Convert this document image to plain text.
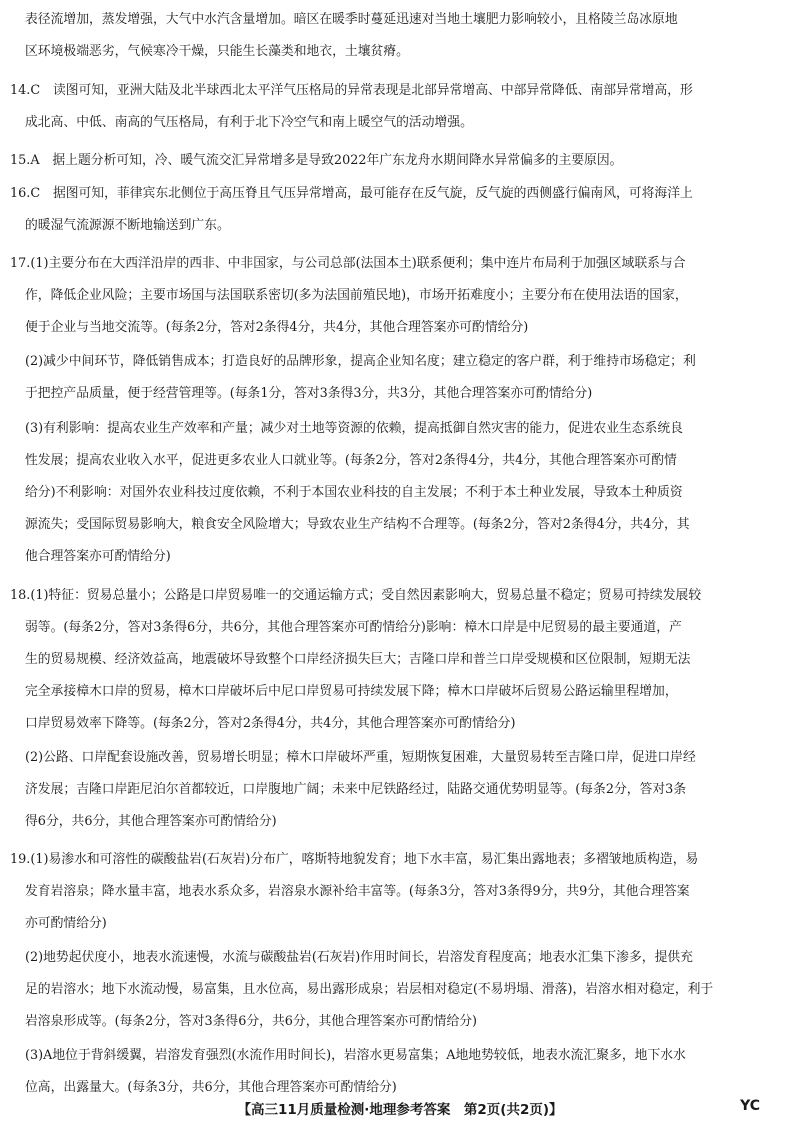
表径流增加，蒸发增强，大气中水汽含量增加。暗区在暖季时蔓延迅速对当地土壤肥力影响较小，且格陵兰岛冰原地
区环境极端恶劣，气候寒冷干燥，只能生长藻类和地衣，土壤贫瘠。
14.C　读图可知，亚洲大陆及北半球西北太平洋气压格局的异常表现是北部异常增高、中部异常降低、南部异常增高，形
成北高、中低、南高的气压格局，有利于北下冷空气和南上暖空气的活动增强。
15.A　据上题分析可知，冷、暖气流交汇异常增多是导致2022年广东龙舟水期间降水异常偏多的主要原因。
16.C　据图可知，菲律宾东北侧位于高压脊且气压异常增高，最可能存在反气旋，反气旋的西侧盛行偏南风，可将海洋上
的暖湿气流源源不断地输送到广东。
17.(1)主要分布在大西洋沿岸的西非、中非国家，与公司总部(法国本土)联系便利；集中连片布局利于加强区域联系与合
作，降低企业风险；主要市场国与法国联系密切(多为法国前殖民地)，市场开拓难度小；主要分布在使用法语的国家，
便于企业与当地交流等。(每条2分，答对2条得4分，共4分，其他合理答案亦可酌情给分)
(2)减少中间环节，降低销售成本；打造良好的品牌形象，提高企业知名度；建立稳定的客户群，利于维持市场稳定；利
于把控产品质量，便于经营管理等。(每条1分，答对3条得3分，共3分，其他合理答案亦可酌情给分)
(3)有利影响：提高农业生产效率和产量；减少对土地等资源的依赖，提高抵御自然灾害的能力，促进农业生态系统良
性发展；提高农业收入水平，促进更多农业人口就业等。(每条2分，答对2条得4分，共4分，其他合理答案亦可酌情
给分)不利影响：对国外农业科技过度依赖，不利于本国农业科技的自主发展；不利于本土种业发展，导致本土种质资
源流失；受国际贸易影响大，粮食安全风险增大；导致农业生产结构不合理等。(每条2分，答对2条得4分，共4分，其
他合理答案亦可酌情给分)
18.(1)特征：贸易总量小；公路是口岸贸易唯一的交通运输方式；受自然因素影响大，贸易总量不稳定；贸易可持续发展较
弱等。(每条2分，答对3条得6分，共6分，其他合理答案亦可酌情给分)影响：樟木口岸是中尼贸易的最主要通道，产
生的贸易规模、经济效益高，地震破坏导致整个口岸经济损失巨大；吉隆口岸和普兰口岸受规模和区位限制，短期无法
完全承接樟木口岸的贸易，樟木口岸破坏后中尼口岸贸易可持续发展下降；樟木口岸破坏后贸易公路运输里程增加，
口岸贸易效率下降等。(每条2分，答对2条得4分，共4分，其他合理答案亦可酌情给分)
(2)公路、口岸配套设施改善，贸易增长明显；樟木口岸破坏严重，短期恢复困难，大量贸易转至吉隆口岸，促进口岸经
济发展；吉隆口岸距尼泊尔首都较近，口岸腹地广阔；未来中尼铁路经过，陆路交通优势明显等。(每条2分，答对3条
得6分，共6分，其他合理答案亦可酌情给分)
19.(1)易渗水和可溶性的碳酸盐岩(石灰岩)分布广，喀斯特地貌发育；地下水丰富，易汇集出露地表；多褶皱地质构造，易
发育岩溶泉；降水量丰富，地表水系众多，岩溶泉水源补给丰富等。(每条3分，答对3条得9分，共9分，其他合理答案
亦可酌情给分)
(2)地势起伏度小，地表水流速慢，水流与碳酸盐岩(石灰岩)作用时间长，岩溶发育程度高；地表水汇集下渗多，提供充
足的岩溶水；地下水流动慢，易富集，且水位高，易出露形成泉；岩层相对稳定(不易坍塌、滑落)，岩溶水相对稳定，利于
岩溶泉形成等。(每条2分，答对3条得6分，共6分，其他合理答案亦可酌情给分)
(3)A地位于背斜缓翼，岩溶发育强烈(水流作用时间长)，岩溶水更易富集；A地地势较低，地表水流汇聚多，地下水水
位高，出露量大。(每条3分，共6分，其他合理答案亦可酌情给分)
【高三11月质量检测·地理参考答案　第2页(共2页)】	YC
